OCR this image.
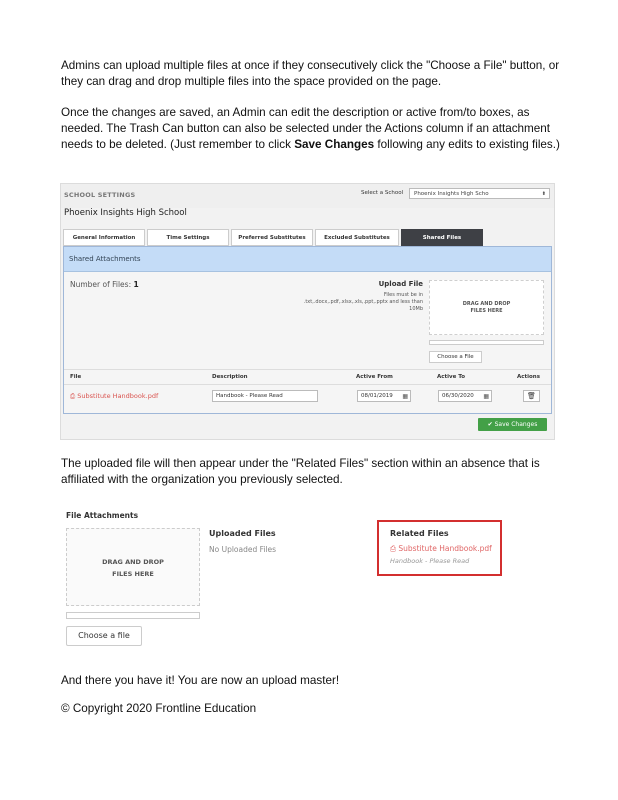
Admins can upload multiple files at once if they consecutively click the "Choose a File" button, or they can drag and drop multiple files into the space provided on the page.
Once the changes are saved, an Admin can edit the description or active from/to boxes, as needed. The Trash Can button can also be selected under the Actions column if an attachment needs to be deleted. (Just remember to click Save Changes following any edits to existing files.)
SCHOOL SETTINGS	Select a School	Phoenix Insights High Scho	⬍
Phoenix Insights High School
General Information	Time Settings	Preferred Substitutes	Excluded Substitutes	Shared Files
Shared Attachments
Number of Files: 1	Upload File
Files must be in .txt,.docx,.pdf,.xlsx,.xls,.ppt,.pptx and less than 10Mb
DRAG AND DROP
FILES HERE
Choose a File
File	Description	Active From	Active To	Actions
⎙ Substitute Handbook.pdf	Handbook - Please Read	08/01/2019 ▦	06/30/2020 ▦	🗑
✔ Save Changes
The uploaded file will then appear under the "Related Files" section within an absence that is affiliated with the organization you previously selected.
File Attachments
DRAG AND DROP
FILES HERE
Choose a file
Uploaded Files
No Uploaded Files
Related Files
⎙ Substitute Handbook.pdf
Handbook - Please Read
And there you have it! You are now an upload master!
© Copyright 2020 Frontline Education
